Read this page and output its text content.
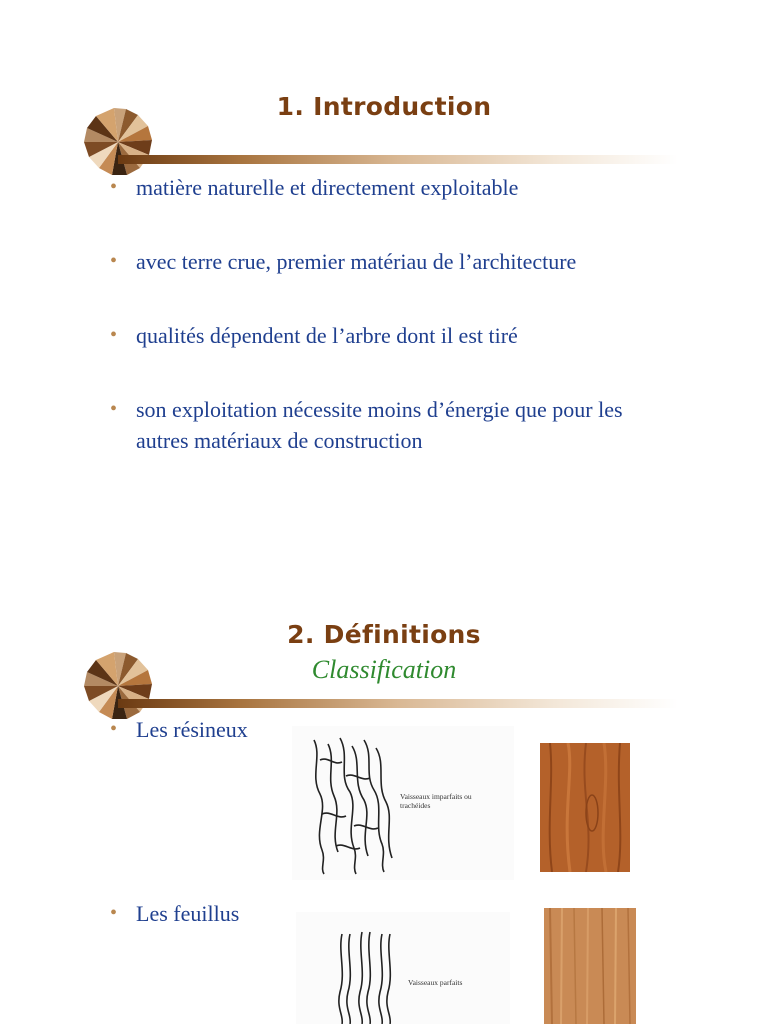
1. Introduction
• matière naturelle et directement exploitable
• avec terre crue, premier matériau de l’architecture
• qualités dépendent de l’arbre dont il est tiré
• son exploitation nécessite moins d’énergie que pour les autres matériaux de construction
2. Définitions
Classification
• Les résineux
Vaisseaux imparfaits ou trachéides
• Les feuillus
Vaisseaux parfaits
